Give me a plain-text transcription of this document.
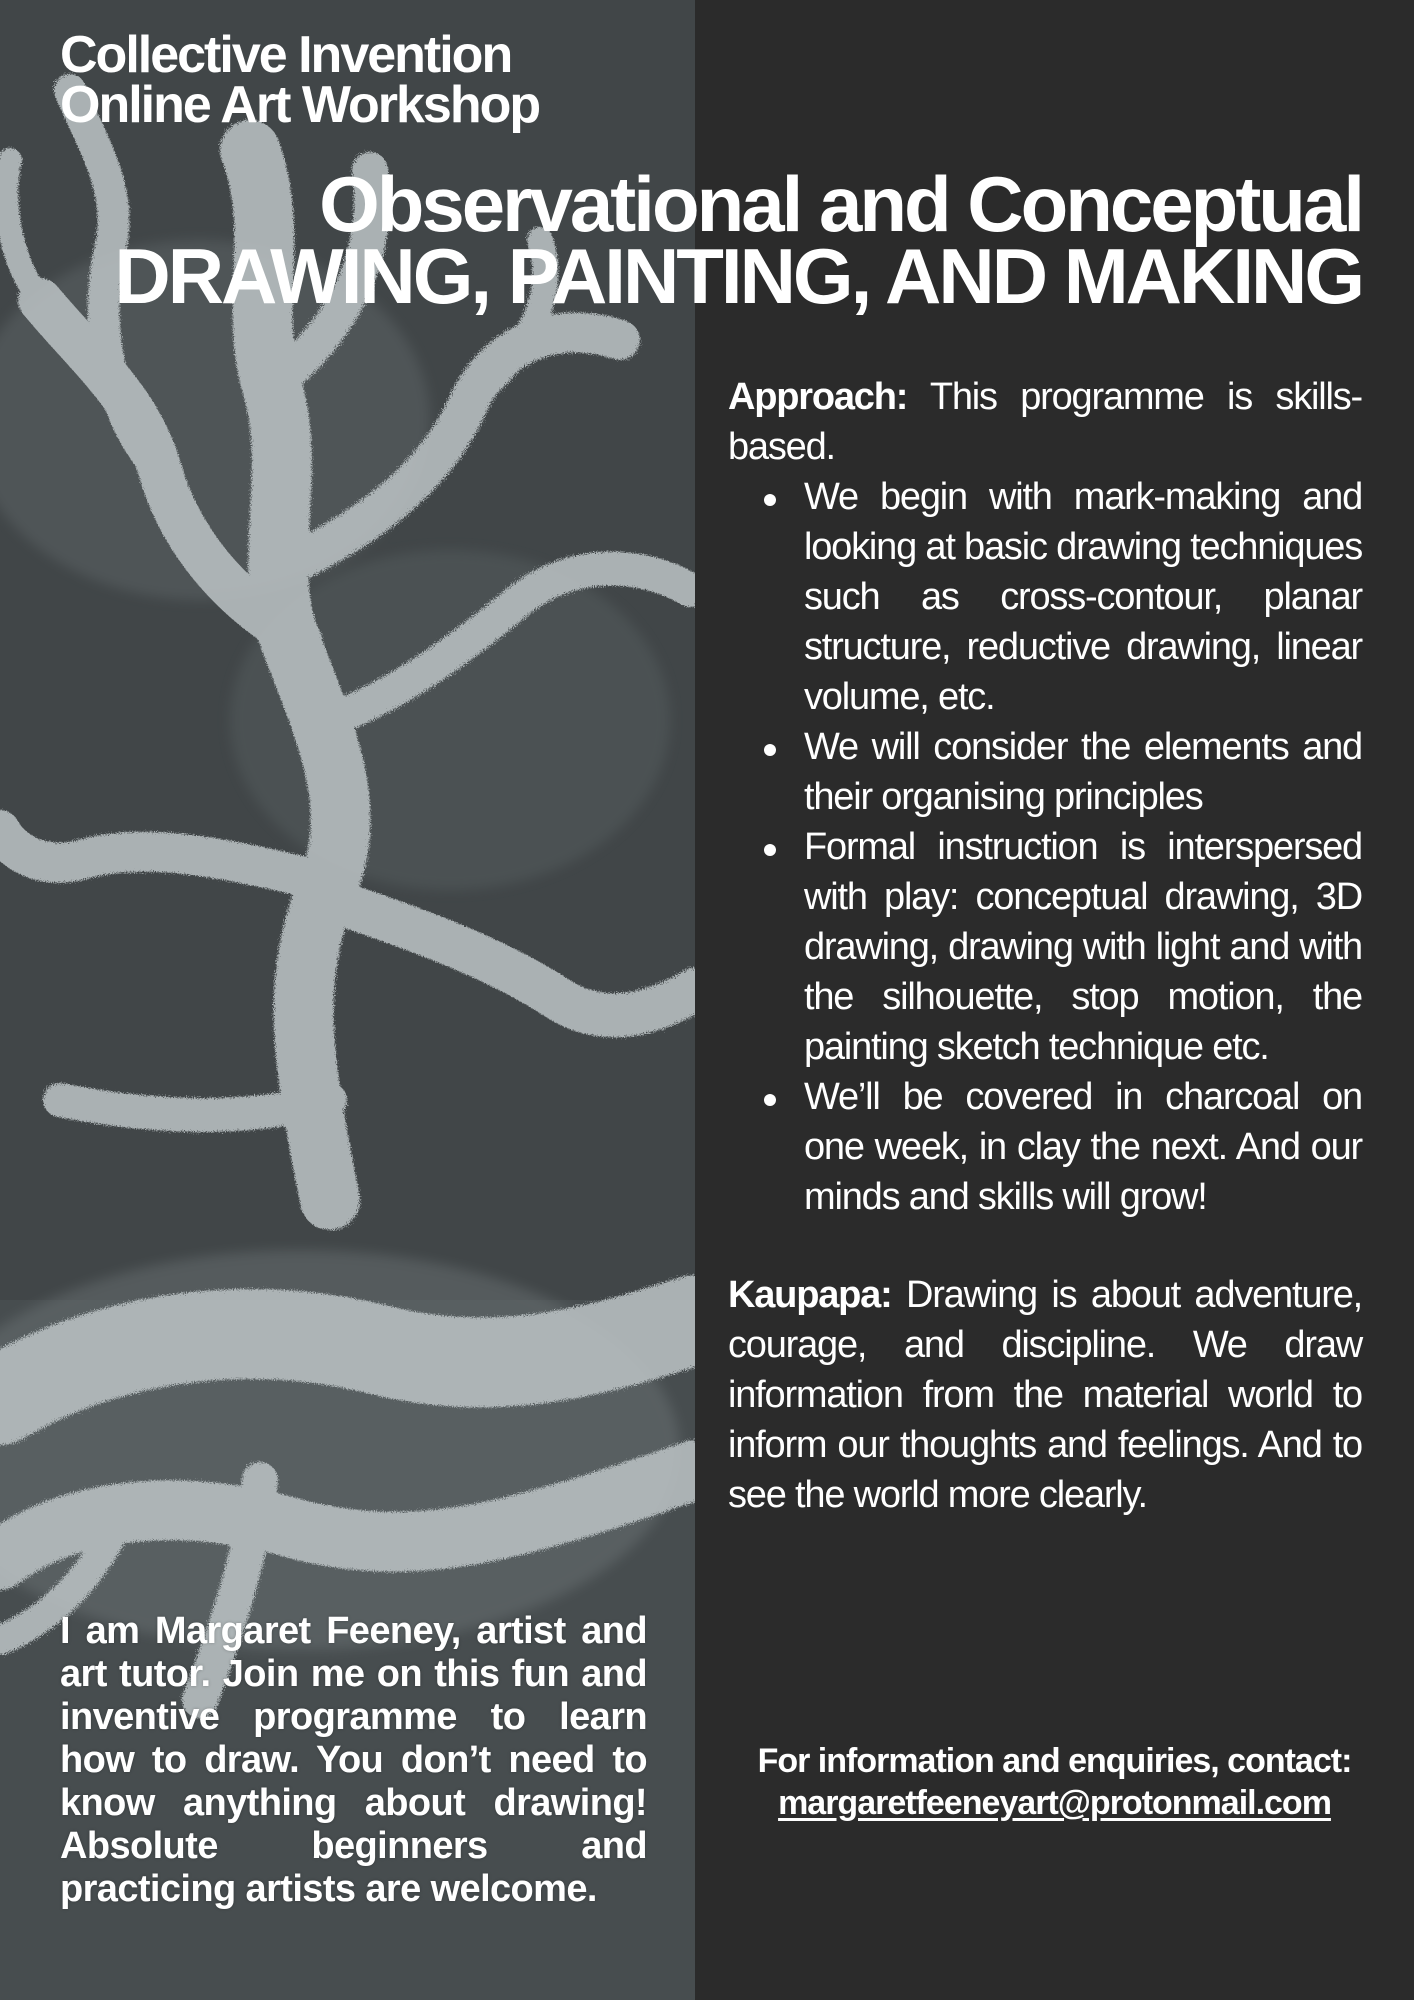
Collective Invention
Online Art Workshop
Observational and Conceptual
DRAWING, PAINTING, AND MAKING

Approach: This programme is skills-based.

We begin with mark-making and looking at basic drawing techniques such as cross-contour, planar structure, reductive drawing, linear volume, etc.
We will consider the elements and their organising principles
Formal instruction is interspersed with play: conceptual drawing, 3D drawing, drawing with light and with the silhouette, stop motion, the painting sketch technique etc.
We’ll be covered in charcoal on one week, in clay the next. And our minds and skills will grow!

Kaupapa: Drawing is about adventure, courage, and discipline. We draw information from the material world to inform our thoughts and feelings. And to see the world more clearly.

For information and enquiries, contact:
margaretfeeneyart@protonmail.com
I am Margaret Feeney, artist and art tutor. Join me on this fun and inventive programme to learn how to draw. You don’t need to know anything about drawing! Absolute beginners and practicing artists are welcome.
